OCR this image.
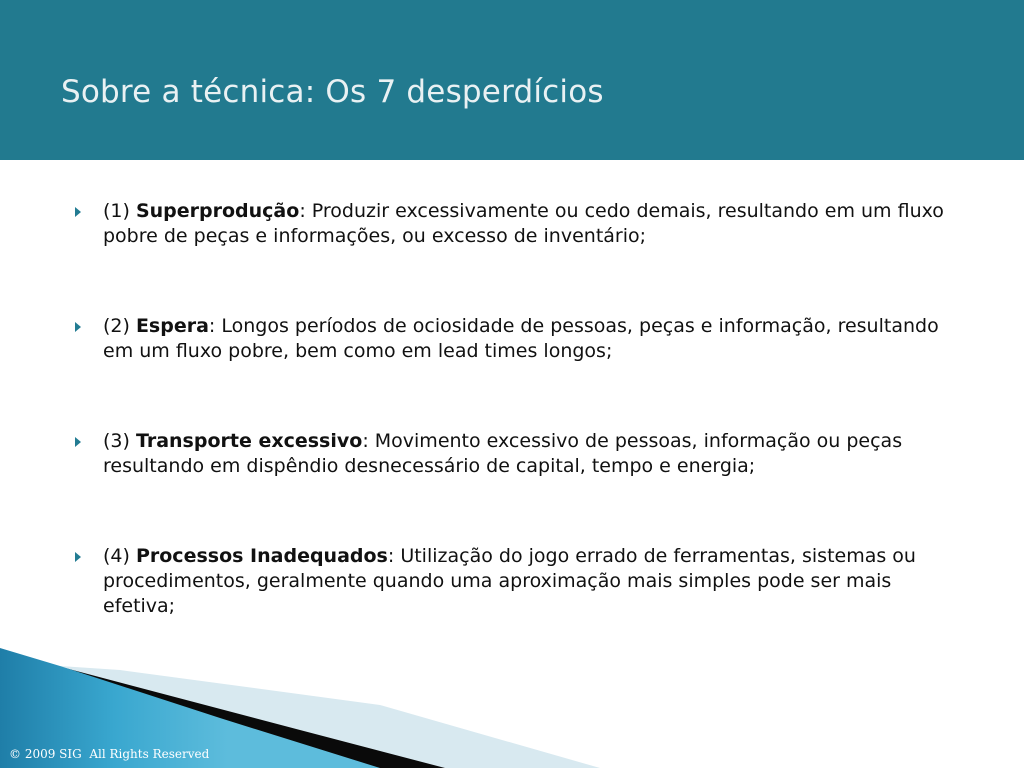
Sobre a técnica: Os 7 desperdícios
(1) Superprodução: Produzir excessivamente ou cedo demais, resultando em um fluxo pobre de peças e informações, ou excesso de inventário;
(2) Espera: Longos períodos de ociosidade de pessoas, peças e informação, resultando em um fluxo pobre, bem como em lead times longos;
(3) Transporte excessivo: Movimento excessivo de pessoas, informação ou peças resultando em dispêndio desnecessário de capital, tempo e energia;
(4) Processos Inadequados: Utilização do jogo errado de ferramentas, sistemas ou procedimentos, geralmente quando uma aproximação mais simples pode ser mais efetiva;
© 2009 SIG  All Rights Reserved
